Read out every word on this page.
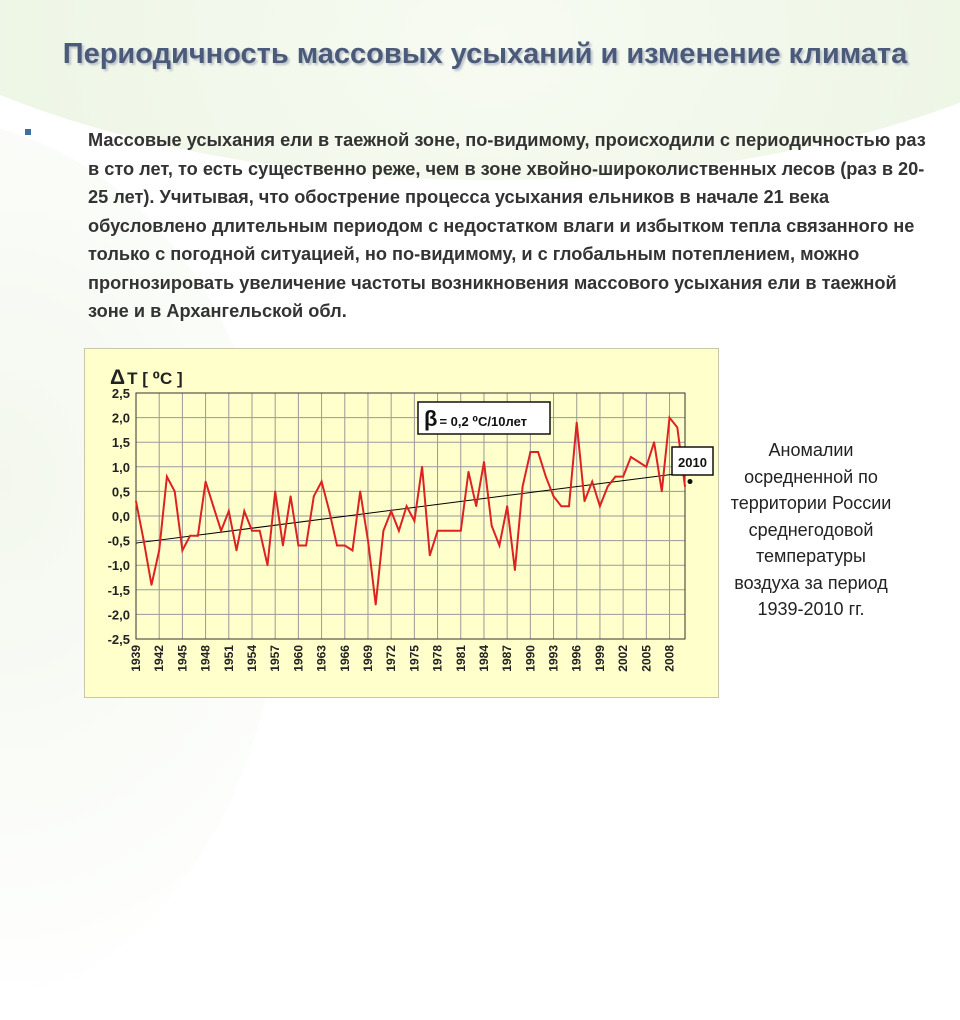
Периодичность массовых усыханий и изменение климата
Массовые усыхания ели в таежной зоне, по-видимому, происходили с периодичностью раз в сто лет, то есть существенно реже, чем в зоне хвойно-широколиственных лесов (раз в 20-25 лет). Учитывая, что обострение процесса усыхания ельников в начале 21 века обусловлено длительным периодом с недостатком влаги и избытком тепла связанного не только с погодной ситуацией, но по-видимому, и с глобальным потеплением, можно прогнозировать увеличение частоты возникновения массового усыхания ели в таежной зоне и в Архангельской обл.
2,5
2,0
1,5
1,0
0,5
0,0
-0,5
-1,0
-1,5
-2,0
-2,5
1939 1942 1945 1948 1951 1954 1957 1960 1963 1966 1969 1972 1975 1978 1981 1984 1987 1990 1993 1996 1999 2002 2005 2008
Δ Т [ ⁰С ]
β = 0,2 ⁰С/10лет
2010
Аномалии осредненной по территории России среднегодовой температуры воздуха за период 1939-2010 гг.
